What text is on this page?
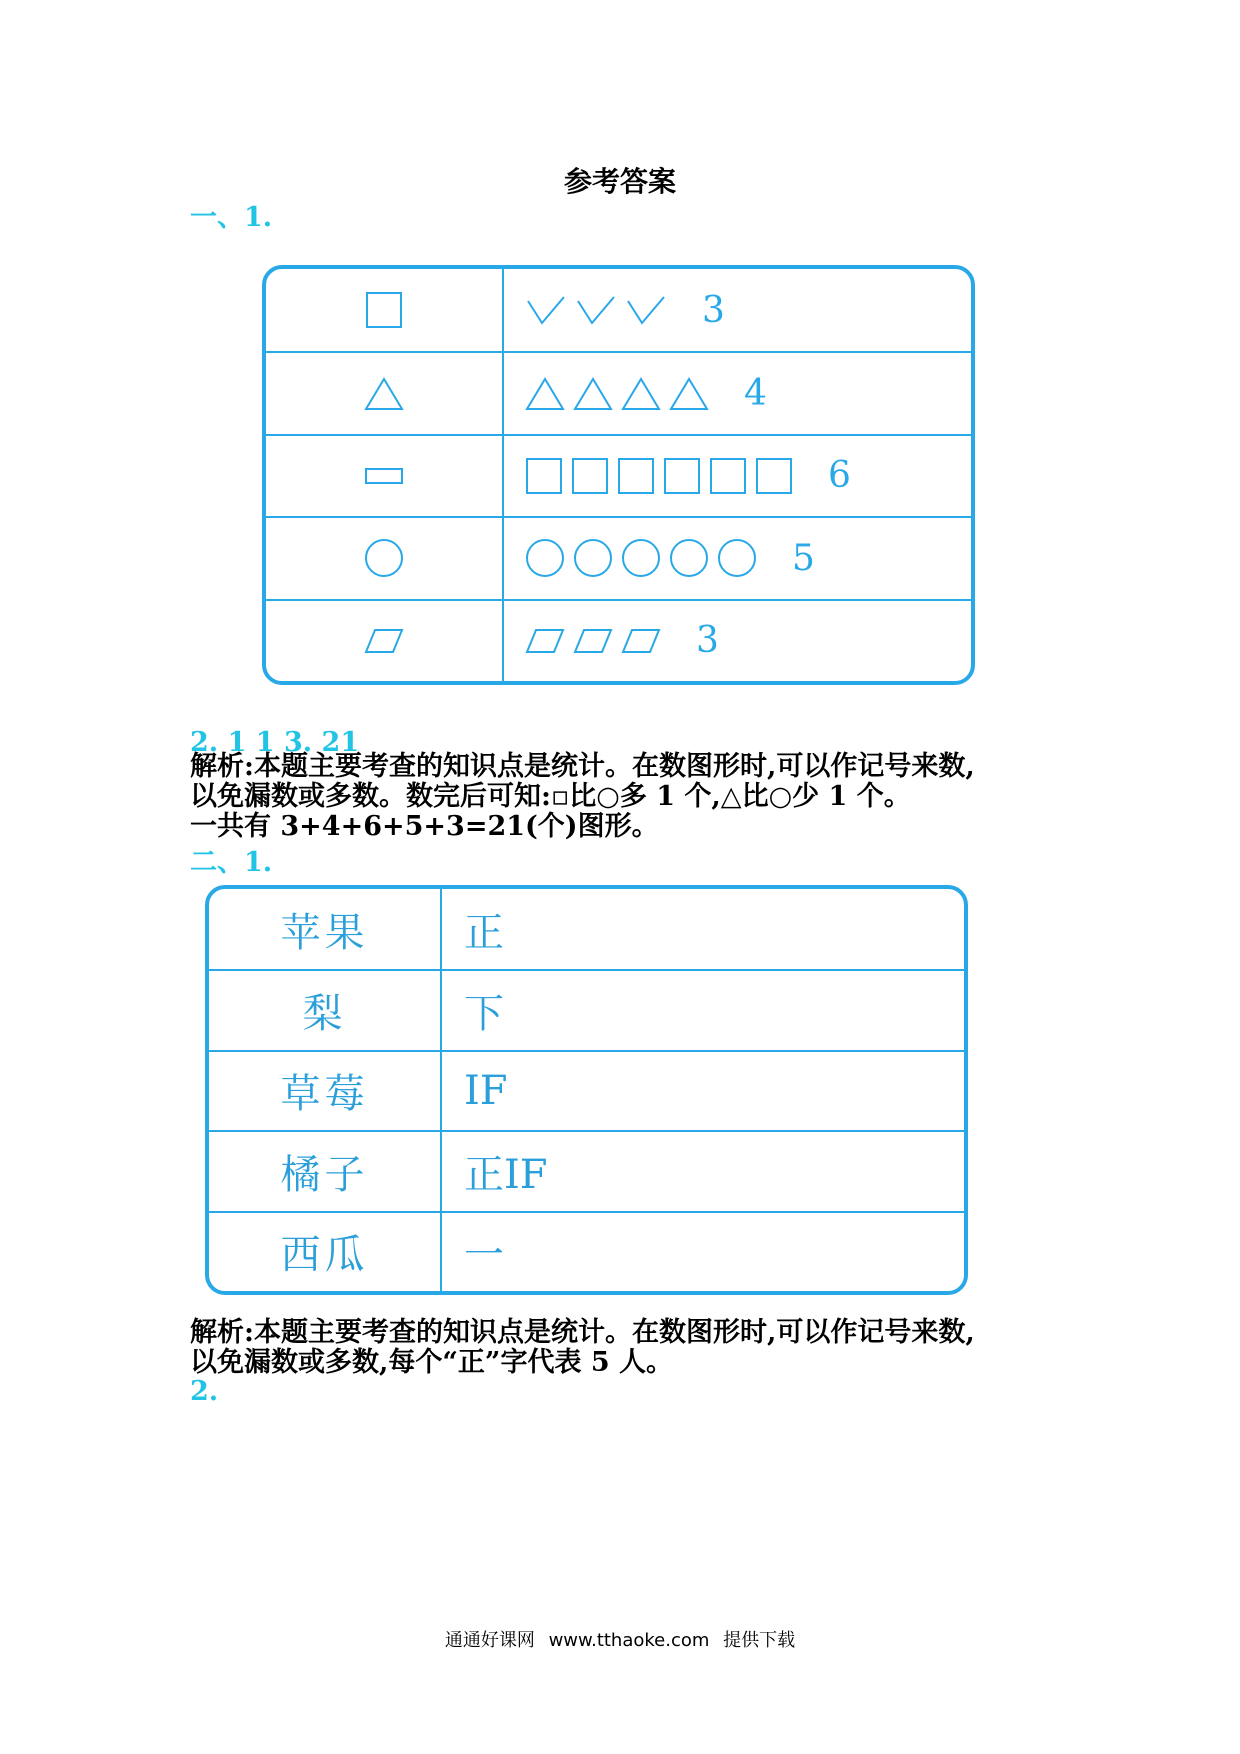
参考答案
一、1.
3
4
6
5
3
2. 1 1 3. 21
解析:本题主要考查的知识点是统计。在数图形时,可以作记号来数,
以免漏数或多数。数完后可知:▫比○多 1 个,△比○少 1 个。
一共有 3+4+6+5+3=21(个)图形。
二、1.
苹果 正
梨	下
草莓 IF
橘子 正IF
西瓜 一
解析:本题主要考查的知识点是统计。在数图形时,可以作记号来数,
以免漏数或多数,每个“正”字代表 5 人。
2.
通通好课网 www.tthaoke.com 提供下载
